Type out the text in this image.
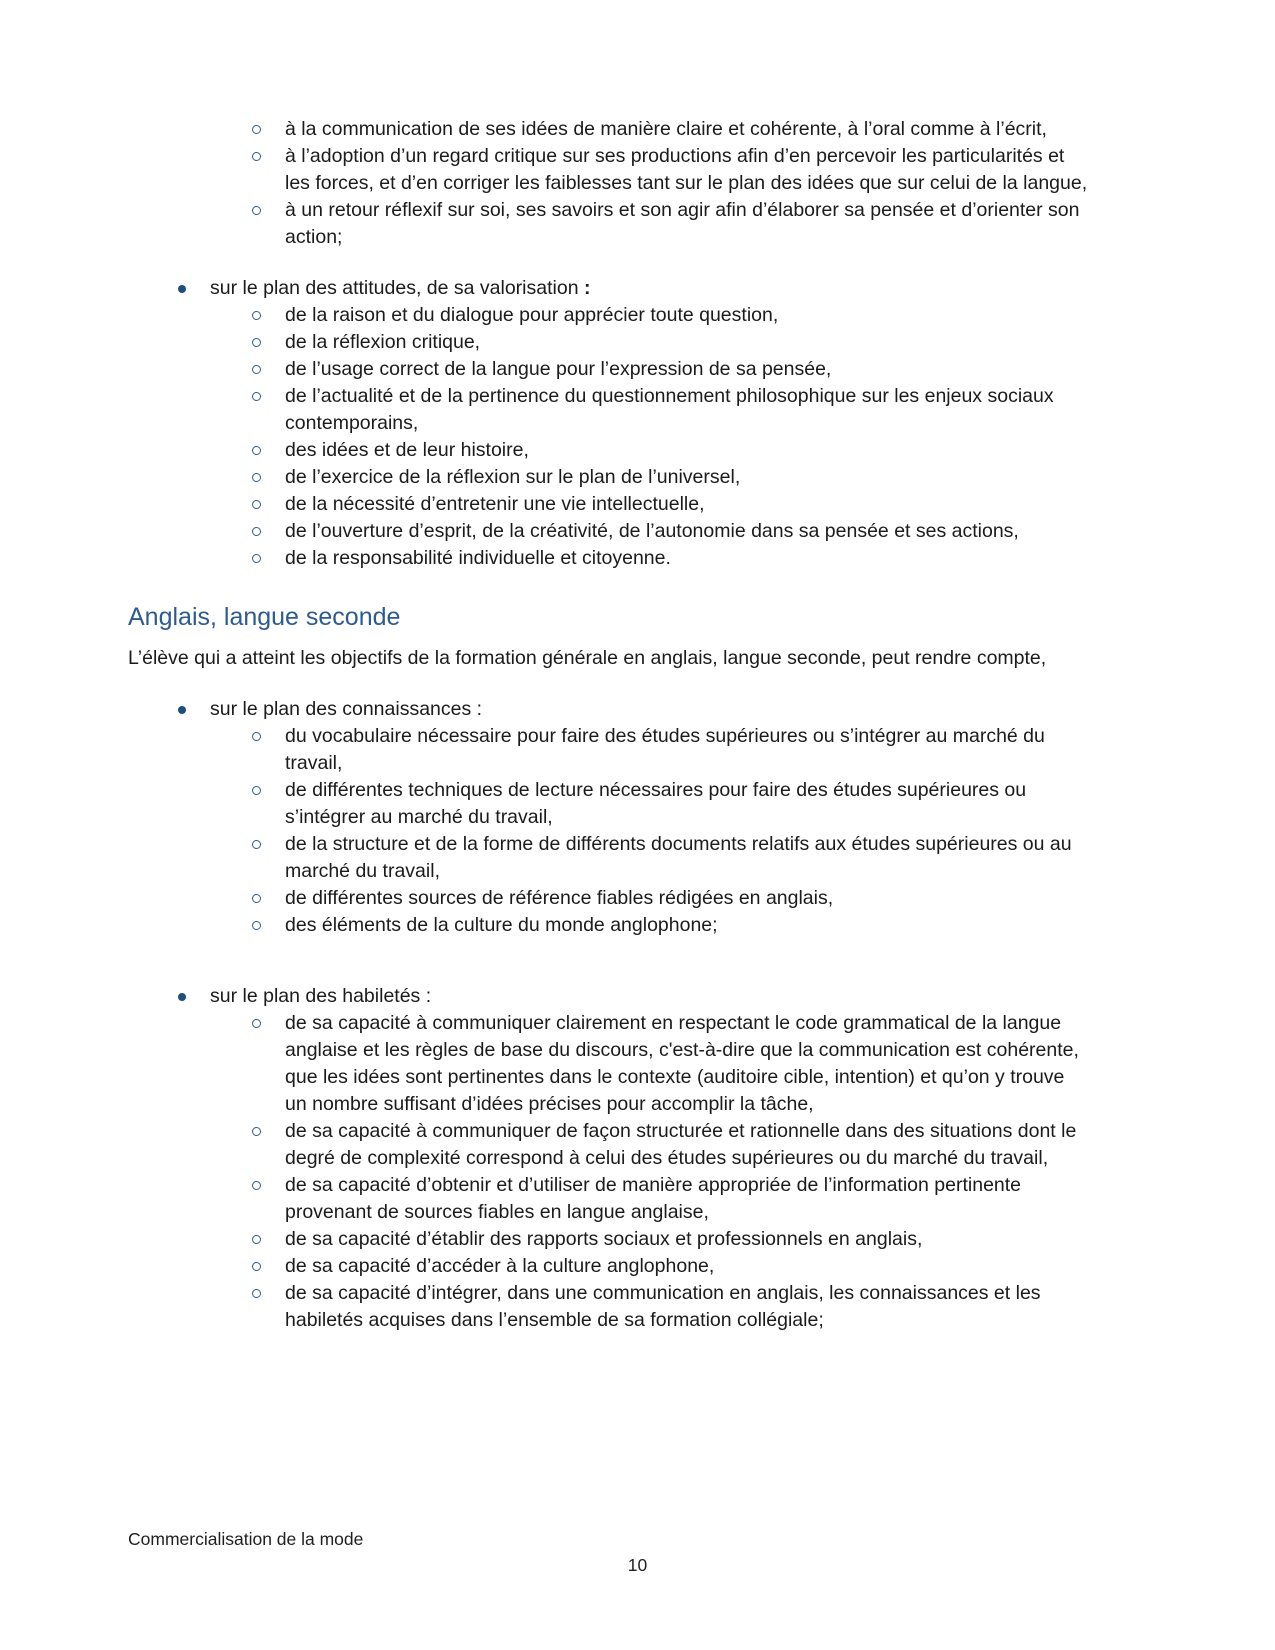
à la communication de ses idées de manière claire et cohérente, à l’oral comme à l’écrit,
à l’adoption d’un regard critique sur ses productions afin d’en percevoir les particularités et les forces, et d’en corriger les faiblesses tant sur le plan des idées que sur celui de la langue,
à un retour réflexif sur soi, ses savoirs et son agir afin d’élaborer sa pensée et d’orienter son action;
sur le plan des attitudes, de sa valorisation :
de la raison et du dialogue pour apprécier toute question,
de la réflexion critique,
de l’usage correct de la langue pour l’expression de sa pensée,
de l’actualité et de la pertinence du questionnement philosophique sur les enjeux sociaux contemporains,
des idées et de leur histoire,
de l’exercice de la réflexion sur le plan de l’universel,
de la nécessité d’entretenir une vie intellectuelle,
de l’ouverture d’esprit, de la créativité, de l’autonomie dans sa pensée et ses actions,
de la responsabilité individuelle et citoyenne.
Anglais, langue seconde

L’élève qui a atteint les objectifs de la formation générale en anglais, langue seconde, peut rendre compte,

sur le plan des connaissances :
du vocabulaire nécessaire pour faire des études supérieures ou s’intégrer au marché du travail,
de différentes techniques de lecture nécessaires pour faire des études supérieures ou s’intégrer au marché du travail,
de la structure et de la forme de différents documents relatifs aux études supérieures ou au marché du travail,
de différentes sources de référence fiables rédigées en anglais,
des éléments de la culture du monde anglophone;
sur le plan des habiletés :
de sa capacité à communiquer clairement en respectant le code grammatical de la langue anglaise et les règles de base du discours, c'est-à-dire que la communication est cohérente, que les idées sont pertinentes dans le contexte (auditoire cible, intention) et qu’on y trouve un nombre suffisant d’idées précises pour accomplir la tâche,
de sa capacité à communiquer de façon structurée et rationnelle dans des situations dont le degré de complexité correspond à celui des études supérieures ou du marché du travail,
de sa capacité d’obtenir et d’utiliser de manière appropriée de l’information pertinente provenant de sources fiables en langue anglaise,
de sa capacité d’établir des rapports sociaux et professionnels en anglais,
de sa capacité d’accéder à la culture anglophone,
de sa capacité d’intégrer, dans une communication en anglais, les connaissances et les habiletés acquises dans l’ensemble de sa formation collégiale;
Commercialisation de la mode
10
